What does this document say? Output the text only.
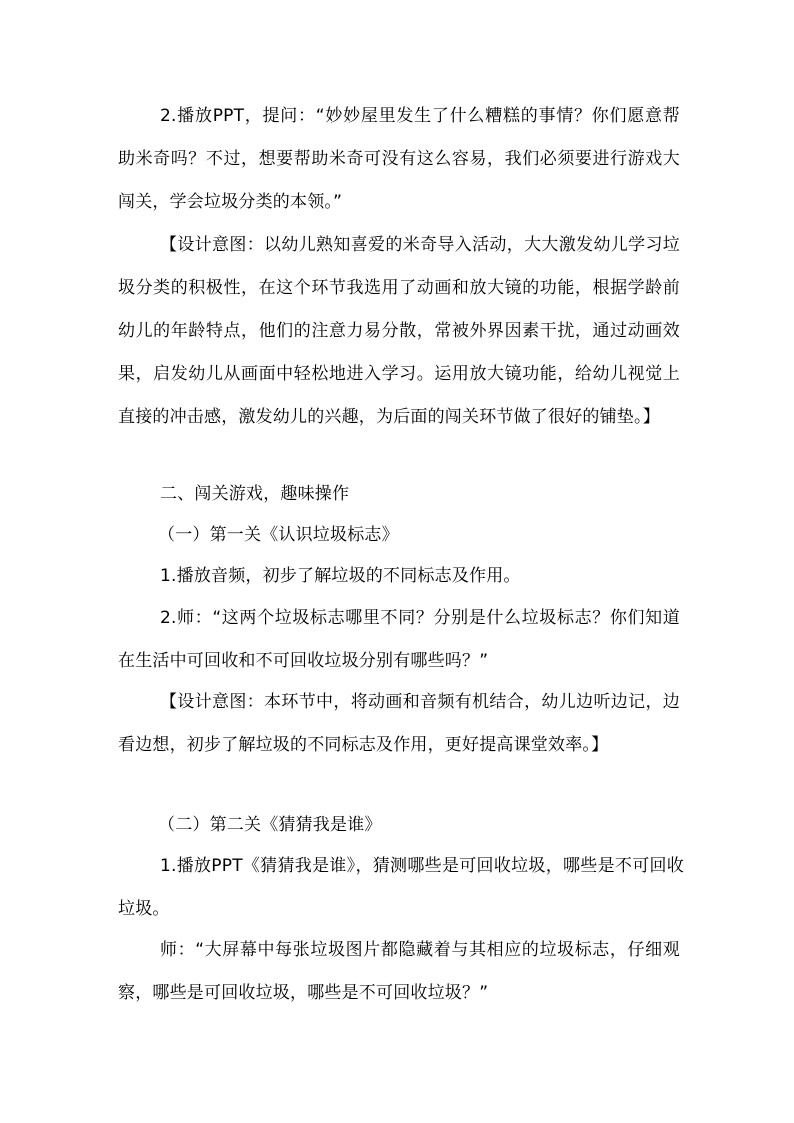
2.播放PPT，提问：“妙妙屋里发生了什么糟糕的事情？你们愿意帮助米奇吗？不过，想要帮助米奇可没有这么容易，我们必须要进行游戏大闯关，学会垃圾分类的本领。”

【设计意图：以幼儿熟知喜爱的米奇导入活动，大大激发幼儿学习垃圾分类的积极性，在这个环节我选用了动画和放大镜的功能，根据学龄前幼儿的年龄特点，他们的注意力易分散，常被外界因素干扰，通过动画效果，启发幼儿从画面中轻松地进入学习。运用放大镜功能，给幼儿视觉上直接的冲击感，激发幼儿的兴趣，为后面的闯关环节做了很好的铺垫。】

二、闯关游戏，趣味操作

（一）第一关《认识垃圾标志》

1.播放音频，初步了解垃圾的不同标志及作用。

2.师：“这两个垃圾标志哪里不同？分别是什么垃圾标志？你们知道在生活中可回收和不可回收垃圾分别有哪些吗？”

【设计意图：本环节中，将动画和音频有机结合，幼儿边听边记，边看边想，初步了解垃圾的不同标志及作用，更好提高课堂效率。】

（二）第二关《猜猜我是谁》

1.播放PPT《猜猜我是谁》，猜测哪些是可回收垃圾，哪些是不可回收垃圾。

师：“大屏幕中每张垃圾图片都隐藏着与其相应的垃圾标志，仔细观察，哪些是可回收垃圾，哪些是不可回收垃圾？”
